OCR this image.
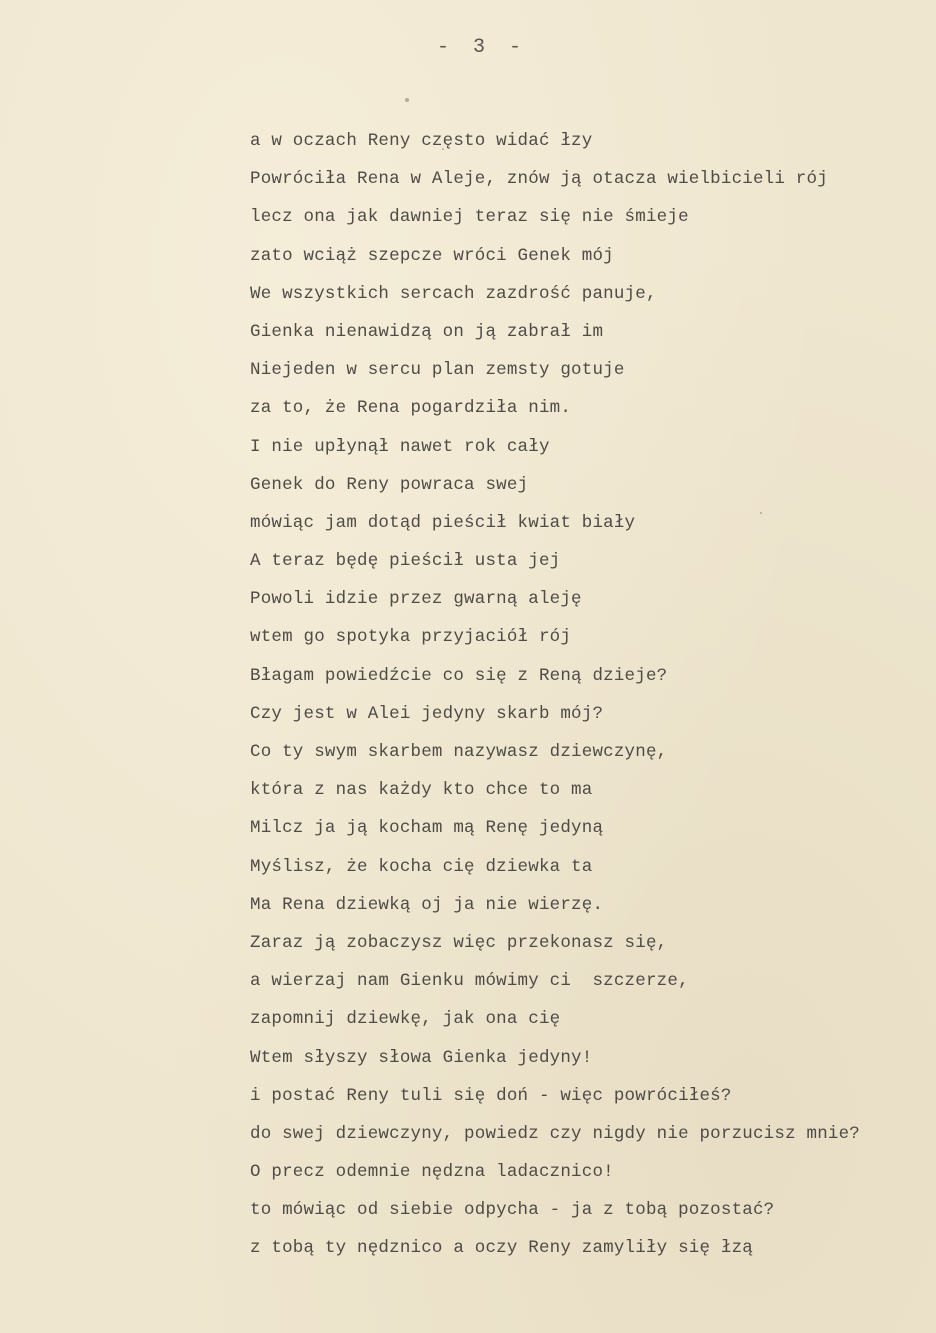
- 3 -
a w oczach Reny często widać łzy
Powróciła Rena w Aleje, znów ją otacza wielbicieli rój
lecz ona jak dawniej teraz się nie śmieje
zato wciąż szepcze wróci Genek mój
We wszystkich sercach zazdrość panuje,
Gienka nienawidzą on ją zabrał im
Niejeden w sercu plan zemsty gotuje
za to, że Rena pogardziła nim.
I nie upłynął nawet rok cały
Genek do Reny powraca swej
mówiąc jam dotąd pieścił kwiat biały
A teraz będę pieścił usta jej
Powoli idzie przez gwarną aleję
wtem go spotyka przyjaciół rój
Błagam powiedźcie co się z Reną dzieje?
Czy jest w Alei jedyny skarb mój?
Co ty swym skarbem nazywasz dziewczynę,
która z nas każdy kto chce to ma
Milcz ja ją kocham mą Renę jedyną
Myślisz, że kocha cię dziewka ta
Ma Rena dziewką oj ja nie wierzę.
Zaraz ją zobaczysz więc przekonasz się,
a wierzaj nam Gienku mówimy ci  szczerze,
zapomnij dziewkę, jak ona cię
Wtem słyszy słowa Gienka jedyny!
i postać Reny tuli się doń - więc powróciłeś?
do swej dziewczyny, powiedz czy nigdy nie porzucisz mnie?
O precz odemnie nędzna ladacznico!
to mówiąc od siebie odpycha - ja z tobą pozostać?
z tobą ty nędznico a oczy Reny zamyliły się łzą
